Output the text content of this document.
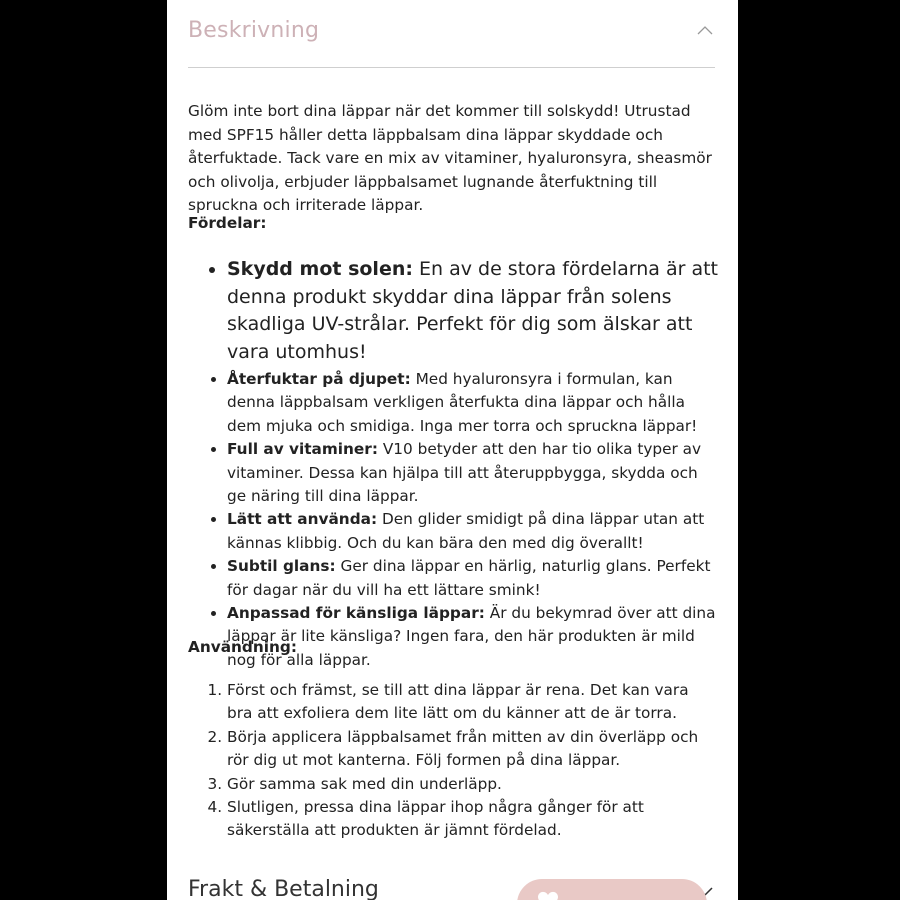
Beskrivning

Glöm inte bort dina läppar när det kommer till solskydd! Utrustad med SPF15 håller detta läppbalsam dina läppar skyddade och återfuktade. Tack vare en mix av vitaminer, hyaluronsyra, sheasmör och olivolja, erbjuder läppbalsamet lugnande återfuktning till spruckna och irriterade läppar.

Fördelar:

• Skydd mot solen: En av de stora fördelarna är att denna produkt skyddar dina läppar från solens skadliga UV-strålar. Perfekt för dig som älskar att vara utomhus!
• Återfuktar på djupet: Med hyaluronsyra i formulan, kan denna läppbalsam verkligen återfukta dina läppar och hålla dem mjuka och smidiga. Inga mer torra och spruckna läppar!
• Full av vitaminer: V10 betyder att den har tio olika typer av vitaminer. Dessa kan hjälpa till att återuppbygga, skydda och ge näring till dina läppar.
• Lätt att använda: Den glider smidigt på dina läppar utan att kännas klibbig. Och du kan bära den med dig överallt!
• Subtil glans: Ger dina läppar en härlig, naturlig glans. Perfekt för dagar när du vill ha ett lättare smink!
• Anpassad för känsliga läppar: Är du bekymrad över att dina läppar är lite känsliga? Ingen fara, den här produkten är mild nog för alla läppar.

Användning:

1. Först och främst, se till att dina läppar är rena. Det kan vara bra att exfoliera dem lite lätt om du känner att de är torra.
2. Börja applicera läppbalsamet från mitten av din överläpp och rör dig ut mot kanterna. Följ formen på dina läppar.
3. Gör samma sak med din underläpp.
4. Slutligen, pressa dina läppar ihop några gånger för att säkerställa att produkten är jämnt fördelad.
Frakt & Betalning
